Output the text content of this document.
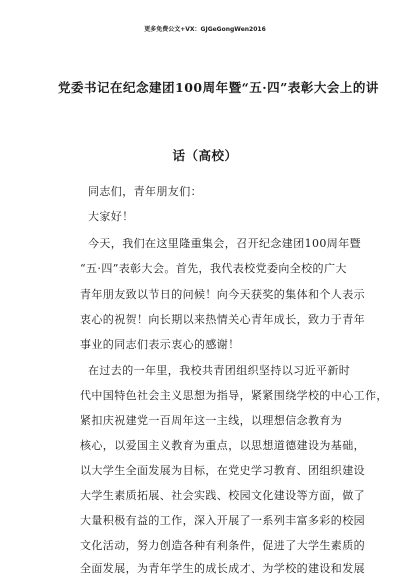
更多免费公文+VX：GJGeGongWen2016
党委书记在纪念建团100周年暨“五·四”表彰大会上的讲
话（高校）
同志们，青年朋友们：
大家好！
今天，我们在这里隆重集会，召开纪念建团100周年暨
“五·四”表彰大会。首先，我代表校党委向全校的广大
青年朋友致以节日的问候！向今天获奖的集体和个人表示
衷心的祝贺！向长期以来热情关心青年成长，致力于青年
事业的同志们表示衷心的感谢！
在过去的一年里，我校共青团组织坚持以习近平新时
代中国特色社会主义思想为指导，紧紧围绕学校的中心工作，
紧扣庆祝建党一百周年这一主线，以理想信念教育为
核心，以爱国主义教育为重点，以思想道德建设为基础，
以大学生全面发展为目标，在党史学习教育、团组织建设
大学生素质拓展、社会实践、校园文化建设等方面，做了
大量积极有益的工作，深入开展了一系列丰富多彩的校园
文化活动，努力创造各种有利条件，促进了大学生素质的
全面发展，为青年学生的成长成才、为学校的建设和发展
